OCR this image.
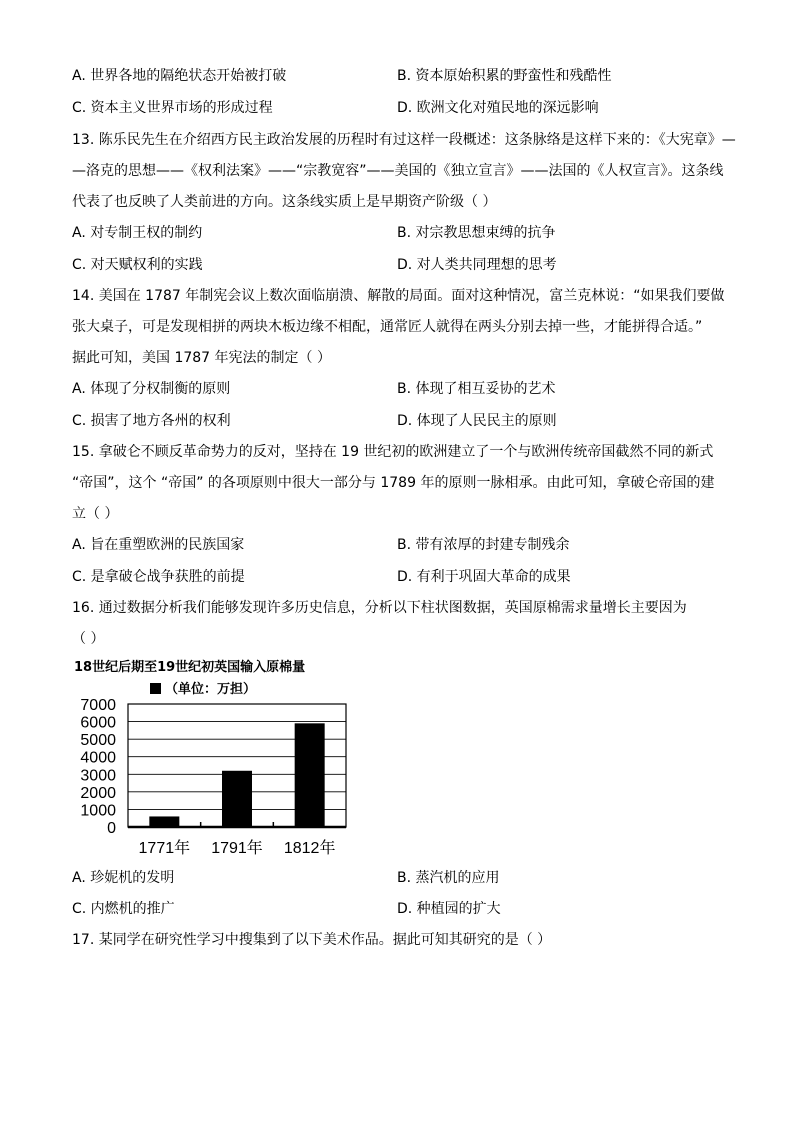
A. 世界各地的隔绝状态开始被打破	B. 资本原始积累的野蛮性和残酷性
C. 资本主义世界市场的形成过程	D. 欧洲文化对殖民地的深远影响
13. 陈乐民先生在介绍西方民主政治发展的历程时有过这样一段概述：这条脉络是这样下来的：《大宪章》—
—洛克的思想——《权利法案》——“宗教宽容”——美国的《独立宣言》——法国的《人权宣言》。这条线
代表了也反映了人类前进的方向。这条线实质上是早期资产阶级（ ）
A. 对专制王权的制约	B. 对宗教思想束缚的抗争
C. 对天赋权利的实践	D. 对人类共同理想的思考
14. 美国在 1787 年制宪会议上数次面临崩溃、解散的局面。面对这种情况，富兰克林说：“如果我们要做
张大桌子，可是发现相拼的两块木板边缘不相配，通常匠人就得在两头分别去掉一些，才能拼得合适。”
据此可知，美国 1787 年宪法的制定（ ）
A. 体现了分权制衡的原则	B. 体现了相互妥协的艺术
C. 损害了地方各州的权利	D. 体现了人民民主的原则
15. 拿破仑不顾反革命势力的反对，坚持在 19 世纪初的欧洲建立了一个与欧洲传统帝国截然不同的新式
“帝国”，这个 “帝国” 的各项原则中很大一部分与 1789 年的原则一脉相承。由此可知，拿破仑帝国的建
立（ ）
A. 旨在重塑欧洲的民族国家	B. 带有浓厚的封建专制残余
C. 是拿破仑战争获胜的前提	D. 有利于巩固大革命的成果
16. 通过数据分析我们能够发现许多历史信息，分析以下柱状图数据，英国原棉需求量增长主要因为
（ ）
18世纪后期至19世纪初英国输入原棉量
（单位：万担）
7000
6000
5000
4000
3000
2000
1000
0
1771年 1791年 1812年
A. 珍妮机的发明	B. 蒸汽机的应用
C. 内燃机的推广	D. 种植园的扩大
17. 某同学在研究性学习中搜集到了以下美术作品。据此可知其研究的是（ ）
